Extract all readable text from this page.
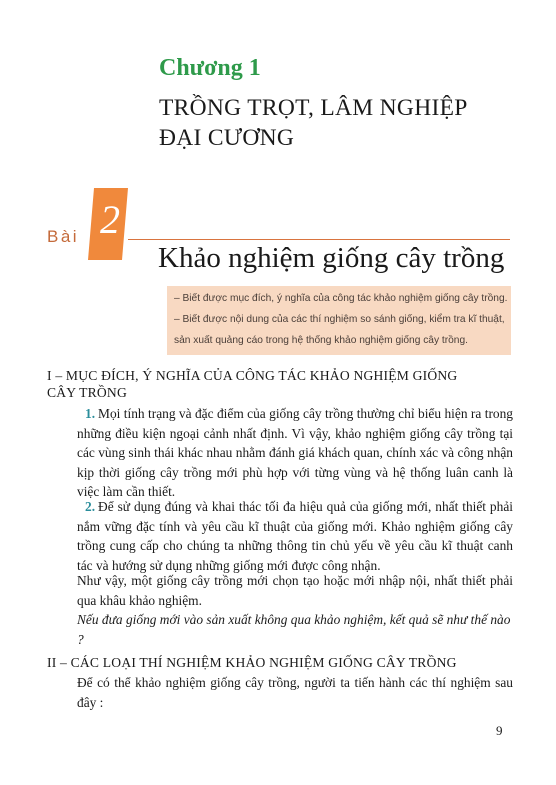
Chương 1
TRỒNG TRỌT, LÂM NGHIỆP
ĐẠI CƯƠNG
Bài 2
Khảo nghiệm giống cây trồng
– Biết được mục đích, ý nghĩa của công tác khảo nghiệm giống cây trồng.
– Biết được nội dung của các thí nghiệm so sánh giống, kiểm tra kĩ thuật,
sản xuất quảng cáo trong hệ thống khảo nghiệm giống cây trồng.
I – MỤC ĐÍCH, Ý NGHĨA CỦA CÔNG TÁC KHẢO NGHIỆM GIỐNG
CÂY TRỒNG
1. Mọi tính trạng và đặc điểm của giống cây trồng thường chỉ biểu hiện ra trong những điều kiện ngoại cảnh nhất định. Vì vậy, khảo nghiệm giống cây trồng tại các vùng sinh thái khác nhau nhằm đánh giá khách quan, chính xác và công nhận kịp thời giống cây trồng mới phù hợp với từng vùng và hệ thống luân canh là việc làm cần thiết.
2. Để sử dụng đúng và khai thác tối đa hiệu quả của giống mới, nhất thiết phải nắm vững đặc tính và yêu cầu kĩ thuật của giống mới. Khảo nghiệm giống cây trồng cung cấp cho chúng ta những thông tin chủ yếu về yêu cầu kĩ thuật canh tác và hướng sử dụng những giống mới được công nhận.
Như vậy, một giống cây trồng mới chọn tạo hoặc mới nhập nội, nhất thiết phải qua khâu khảo nghiệm.
Nếu đưa giống mới vào sản xuất không qua khảo nghiệm, kết quả sẽ như thế nào ?
II – CÁC LOẠI THÍ NGHIỆM KHẢO NGHIỆM GIỐNG CÂY TRỒNG
Để có thể khảo nghiệm giống cây trồng, người ta tiến hành các thí nghiệm sau đây :
9
